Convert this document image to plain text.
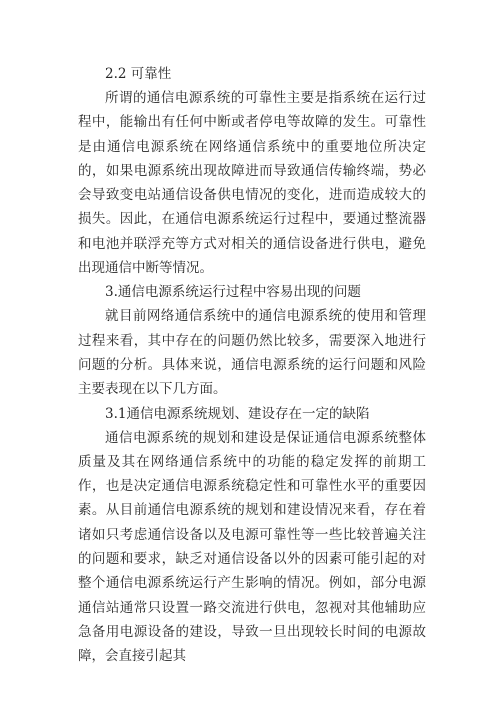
2.2 可靠性

所谓的通信电源系统的可靠性主要是指系统在运行过程中，能输出有任何中断或者停电等故障的发生。可靠性是由通信电源系统在网络通信系统中的重要地位所决定的，如果电源系统出现故障进而导致通信传输终端，势必会导致变电站通信设备供电情况的变化，进而造成较大的损失。因此，在通信电源系统运行过程中，要通过整流器和电池并联浮充等方式对相关的通信设备进行供电，避免出现通信中断等情况。

3.通信电源系统运行过程中容易出现的问题

就目前网络通信系统中的通信电源系统的使用和管理过程来看，其中存在的问题仍然比较多，需要深入地进行问题的分析。具体来说，通信电源系统的运行问题和风险主要表现在以下几方面。

3.1通信电源系统规划、建设存在一定的缺陷

通信电源系统的规划和建设是保证通信电源系统整体质量及其在网络通信系统中的功能的稳定发挥的前期工作，也是决定通信电源系统稳定性和可靠性水平的重要因素。从目前通信电源系统的规划和建设情况来看，存在着诸如只考虑通信设备以及电源可靠性等一些比较普遍关注的问题和要求，缺乏对通信设备以外的因素可能引起的对整个通信电源系统运行产生影响的情况。例如，部分电源通信站通常只设置一路交流进行供电，忽视对其他辅助应急备用电源设备的建设，导致一旦出现较长时间的电源故障，会直接引起其
